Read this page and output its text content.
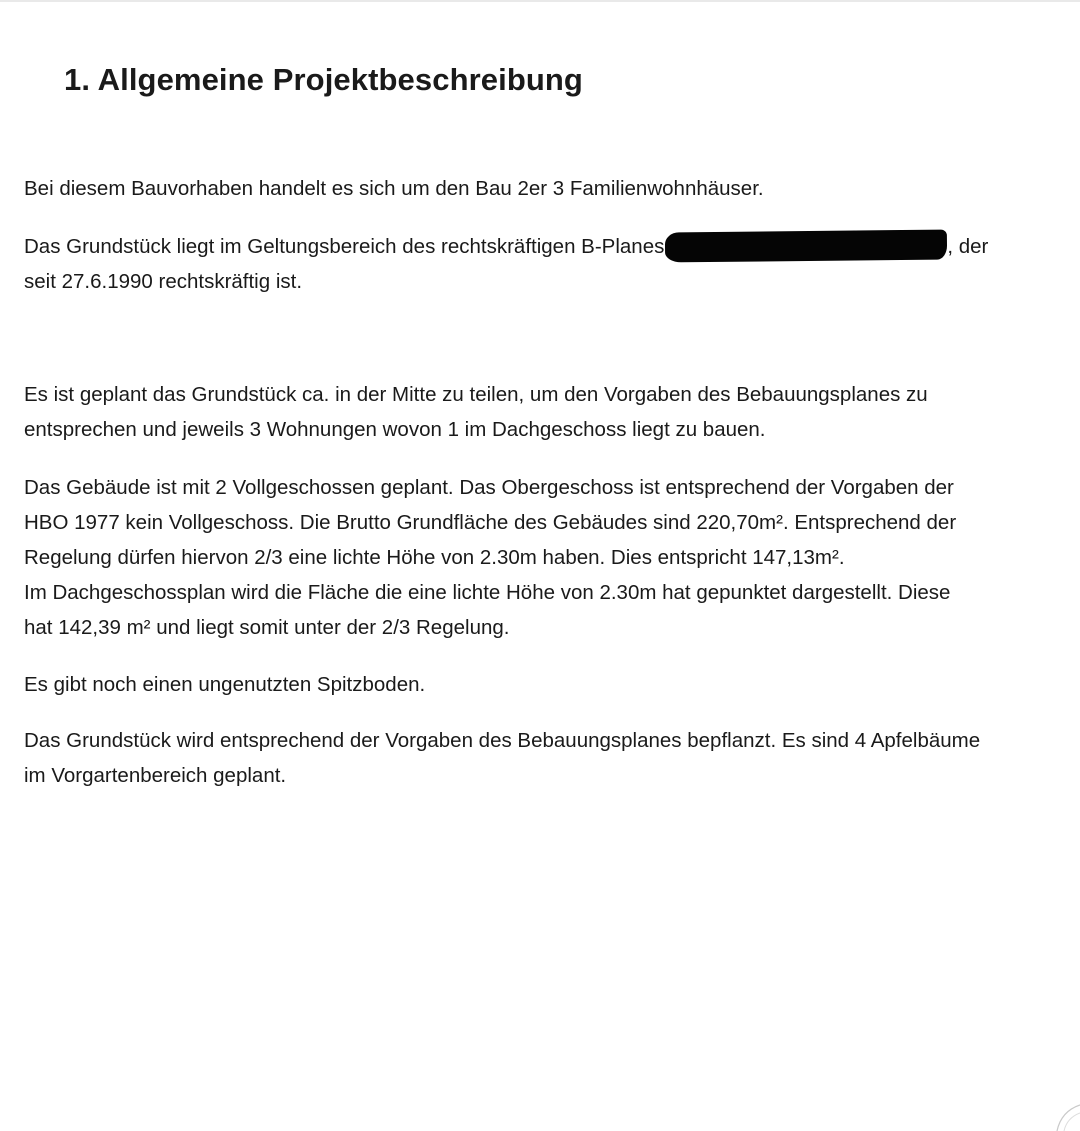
1. Allgemeine Projektbeschreibung

Bei diesem Bauvorhaben handelt es sich um den Bau 2er 3 Familienwohnhäuser.

Das Grundstück liegt im Geltungsbereich des rechtskräftigen B-Planes	, der
seit 27.6.1990 rechtskräftig ist.

Es ist geplant das Grundstück ca. in der Mitte zu teilen, um den Vorgaben des Bebauungsplanes zu
entsprechen und jeweils 3 Wohnungen wovon 1 im Dachgeschoss liegt zu bauen.

Das Gebäude ist mit 2 Vollgeschossen geplant. Das Obergeschoss ist entsprechend der Vorgaben der
HBO 1977 kein Vollgeschoss. Die Brutto Grundfläche des Gebäudes sind 220,70m². Entsprechend der
Regelung dürfen hiervon 2/3 eine lichte Höhe von 2.30m haben. Dies entspricht 147,13m².
Im Dachgeschossplan wird die Fläche die eine lichte Höhe von 2.30m hat gepunktet dargestellt. Diese
hat 142,39 m² und liegt somit unter der 2/3 Regelung.

Es gibt noch einen ungenutzten Spitzboden.

Das Grundstück wird entsprechend der Vorgaben des Bebauungsplanes bepflanzt. Es sind 4 Apfelbäume
im Vorgartenbereich geplant.
